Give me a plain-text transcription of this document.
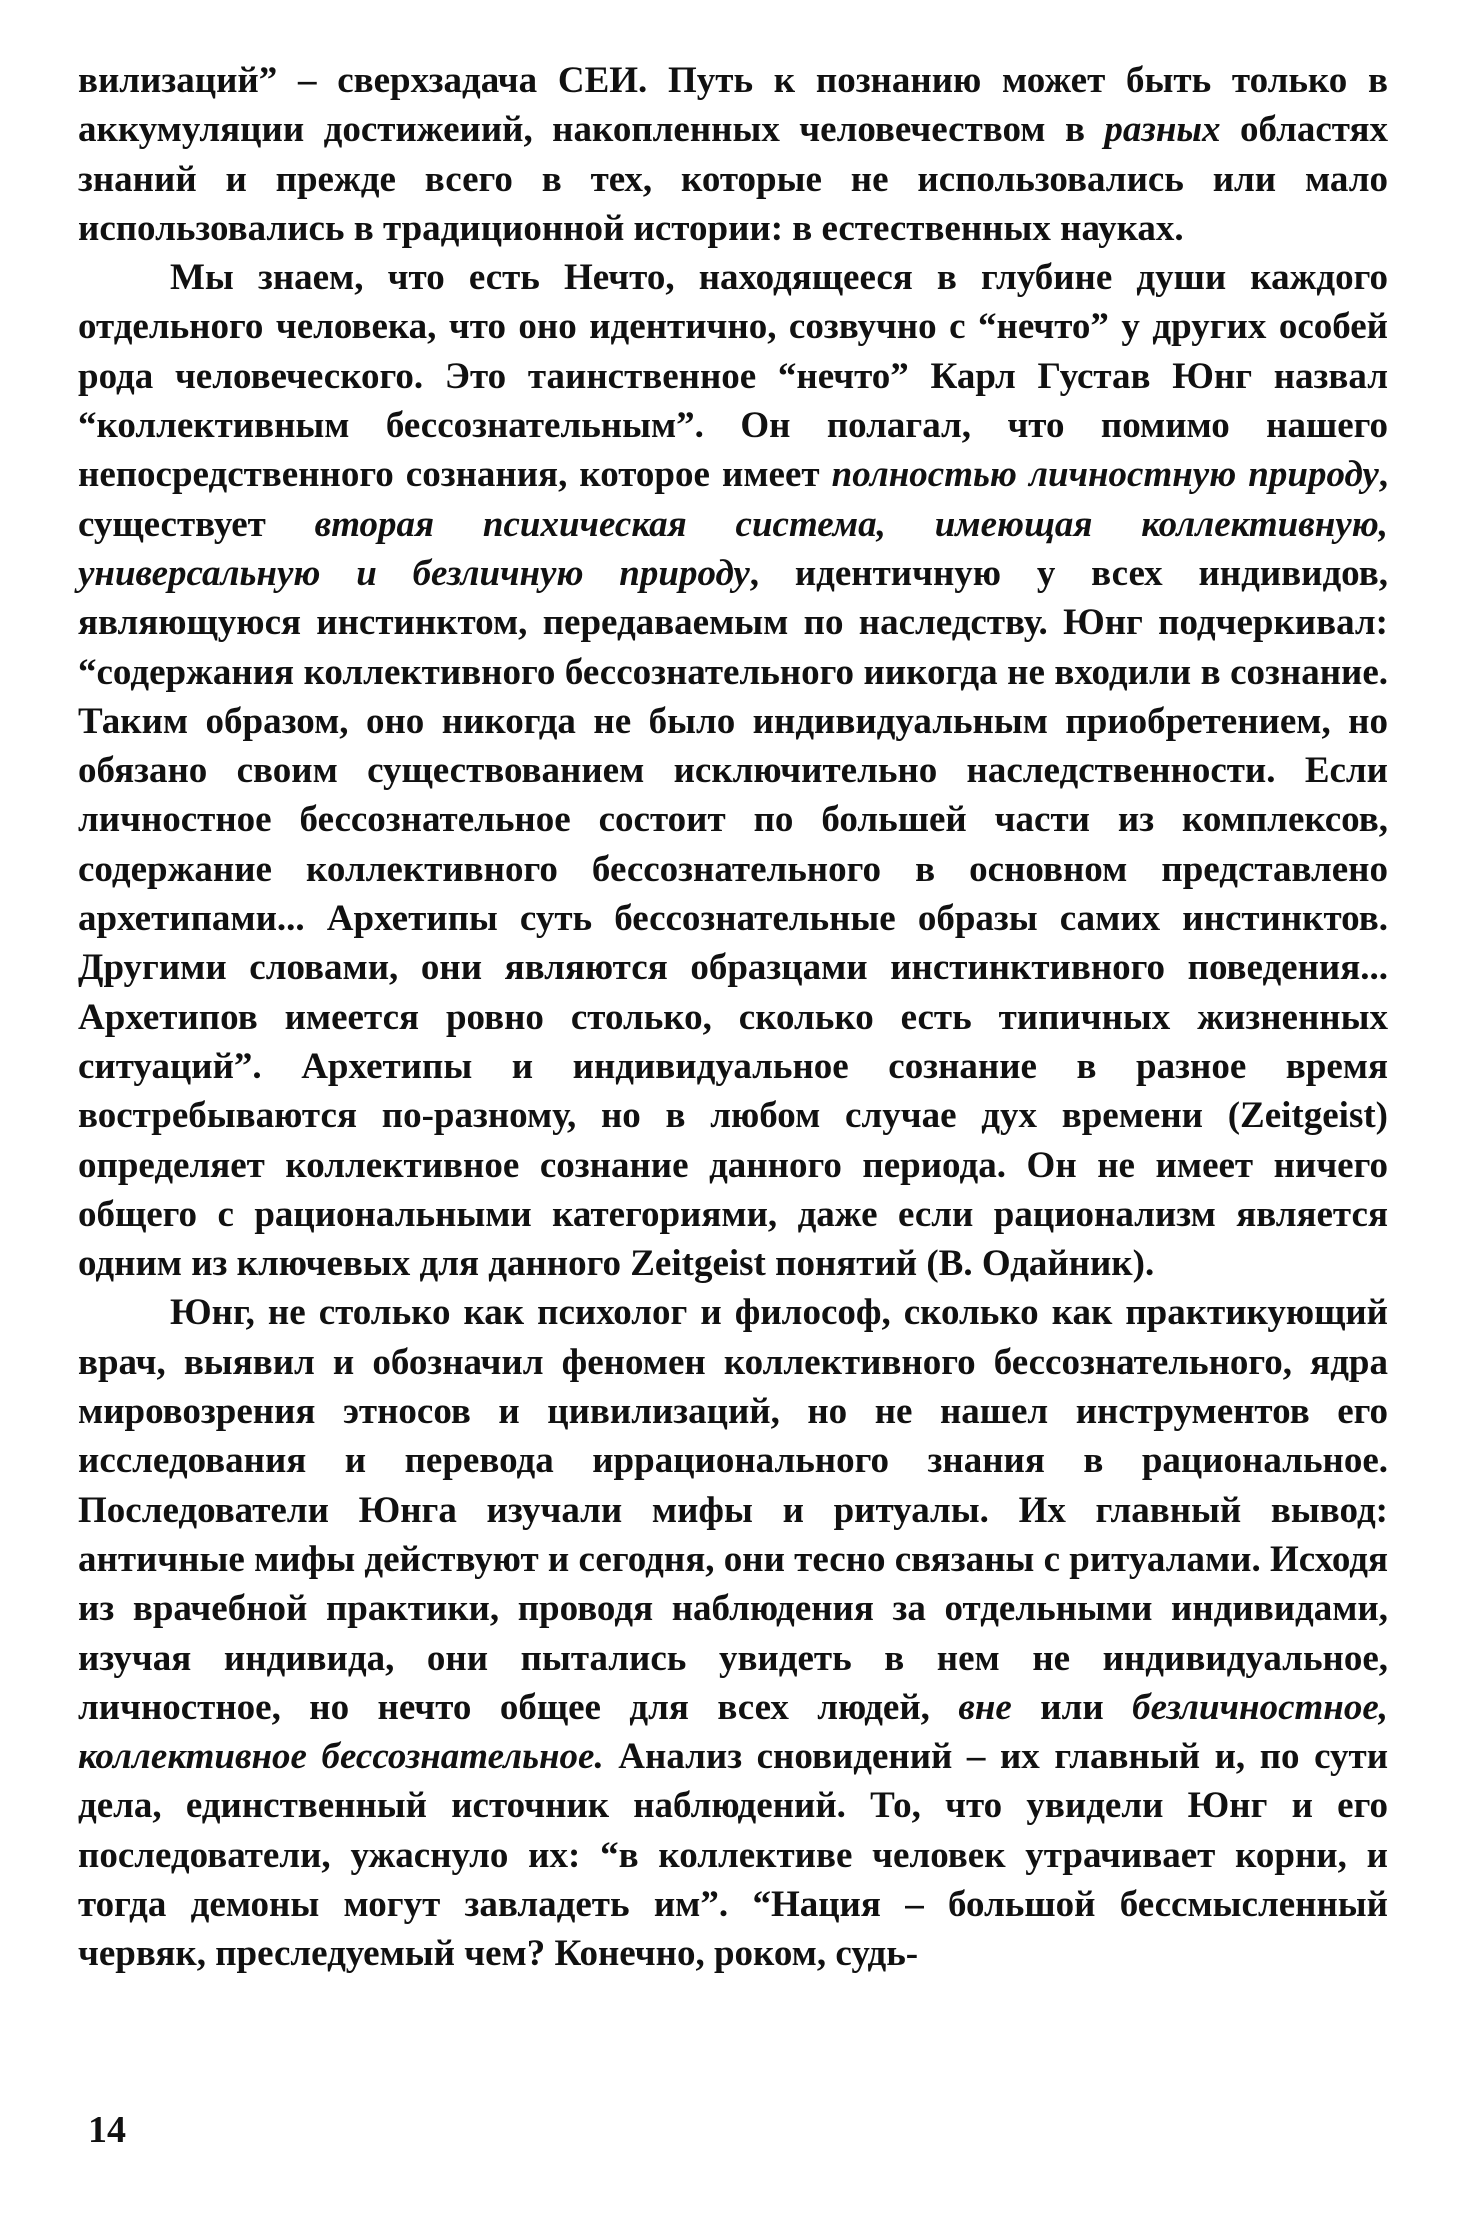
вилизаций” – сверхзадача СЕИ. Путь к познанию может быть только в аккумуляции достижеиий, накопленных человечеством в разных областях знаний и прежде всего в тех, которые не использовались или мало использовались в традиционной истории: в естественных науках.

Мы знаем, что есть Нечто, находящееся в глубине души каждого отдельного человека, что оно идентично, созвучно с “нечто” у других особей рода человеческого. Это таинственное “нечто” Карл Густав Юнг назвал “коллективным бессознательным”. Он полагал, что помимо нашего непосредственного сознания, которое имеет полностью личностную природу, существует вторая психическая система, имеющая коллективную, универсальную и безличную природу, идентичную у всех индивидов, являющуюся инстинктом, передаваемым по наследству. Юнг подчеркивал: “содержания коллективного бессознательного иикогда не входили в сознание. Таким образом, оно никогда не было индивидуальным приобретением, но обязано своим существованием исключительно наследственности. Если личностное бессознательное состоит по большей части из комплексов, содержание коллективного бессознательного в основном представлено архетипами... Архетипы суть бессознательные образы самих инстинктов. Другими словами, они являются образцами инстинктивного поведения... Архетипов имеется ровно столько, сколько есть типичных жизненных ситуаций”. Архетипы и индивидуальное сознание в разное время востребываются по-разному, но в любом случае дух времени (Zeitgeist) определяет коллективное сознание данного периода. Он не имеет ничего общего с рациональными категориями, даже если рационализм является одним из ключевых для данного Zeitgeist понятий (В. Одайник).

Юнг, не столько как психолог и философ, сколько как практикующий врач, выявил и обозначил феномен коллективного бессознательного, ядра мировозрения этносов и цивилизаций, но не нашел инструментов его исследования и перевода иррационального знания в рациональное. Последователи Юнга изучали мифы и ритуалы. Их главный вывод: античные мифы действуют и сегодня, они тесно связаны с ритуалами. Исходя из врачебной практики, проводя наблюдения за отдельными индивидами, изучая индивида, они пытались увидеть в нем не индивидуальное, личностное, но нечто общее для всех людей, вне или безличностное, коллективное бессознательное. Анализ сновидений – их главный и, по сути дела, единственный источник наблюдений. То, что увидели Юнг и его последователи, ужаснуло их: “в коллективе человек утрачивает корни, и тогда демоны могут завладеть им”. “Нация – большой бессмысленный червяк, преследуемый чем? Конечно, роком, судь-

14
